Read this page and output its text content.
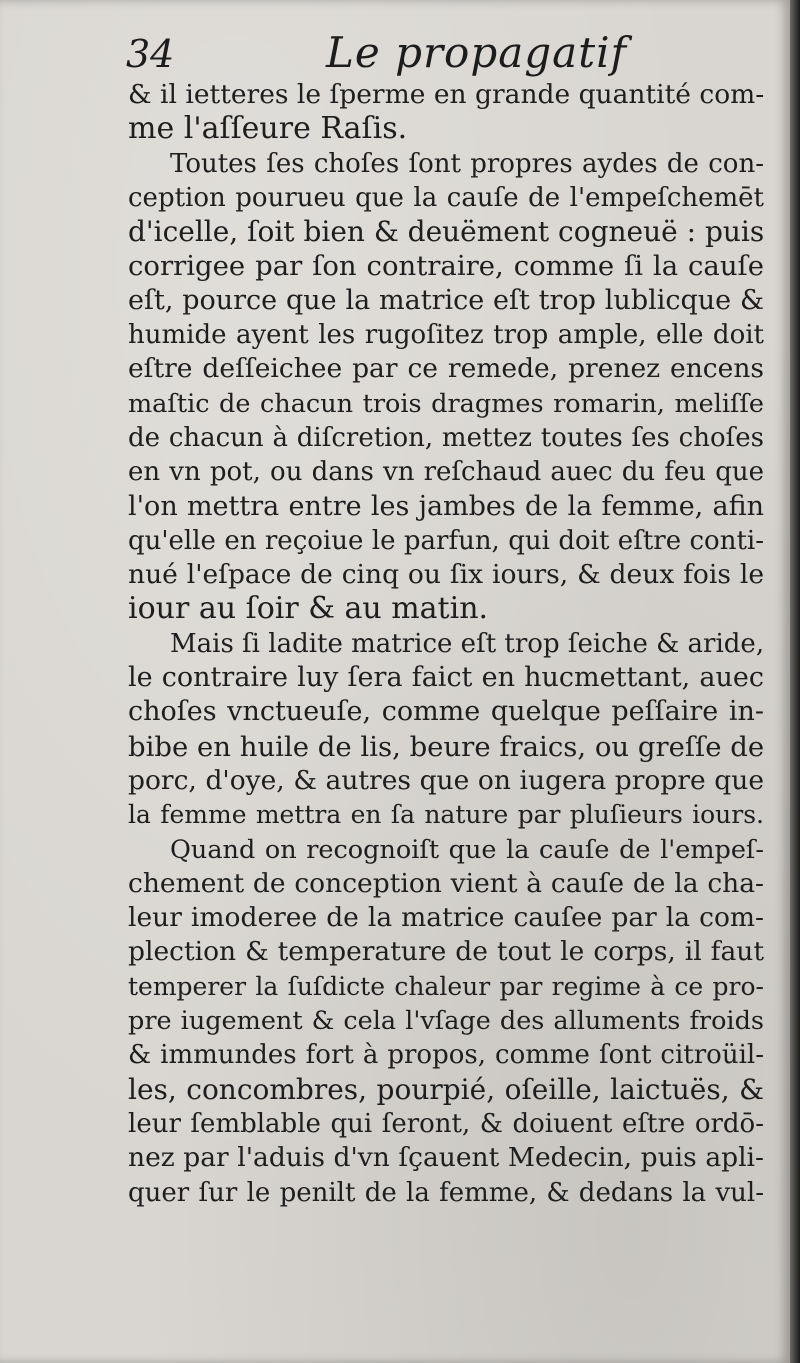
34	Le propagatif
& il ietteres le ſperme en grande quantité com-
me l'aſſeure Raſis.
Toutes ſes choſes ſont propres aydes de con-
ception pourueu que la cauſe de l'empeſchemēt
d'icelle, ſoit bien & deuëment cogneuë : puis
corrigee par ſon contraire, comme ſi la cauſe
eſt, pource que la matrice eſt trop lublicque &
humide ayent les rugoſitez trop ample, elle doit
eſtre deſſeichee par ce remede, prenez encens
maſtic de chacun trois dragmes romarin, meliſſe
de chacun à diſcretion, mettez toutes ſes choſes
en vn pot, ou dans vn reſchaud auec du feu que
l'on mettra entre les jambes de la femme, afin
qu'elle en reçoiue le parfun, qui doit eſtre conti-
nué l'eſpace de cinq ou ſix iours, & deux fois le
iour au ſoir & au matin.
Mais ſi ladite matrice eſt trop ſeiche & aride,
le contraire luy ſera faict en hucmettant, auec
choſes vnctueuſe, comme quelque peſſaire in-
bibe en huile de lis, beure fraics, ou greſſe de
porc, d'oye, & autres que on iugera propre que
la femme mettra en ſa nature par pluſieurs iours.
Quand on recognoiſt que la cauſe de l'empeſ-
chement de conception vient à cauſe de la cha-
leur imoderee de la matrice cauſee par la com-
plection & temperature de tout le corps, il faut
temperer la ſuſdicte chaleur par regime à ce pro-
pre iugement & cela l'vſage des alluments froids
& immundes fort à propos, comme ſont citroüil-
les, concombres, pourpié, oſeille, laictuës, &
leur ſemblable qui ſeront, & doiuent eſtre ordō-
nez par l'aduis d'vn ſçauent Medecin, puis apli-
quer ſur le penilt de la femme, & dedans la vul-
